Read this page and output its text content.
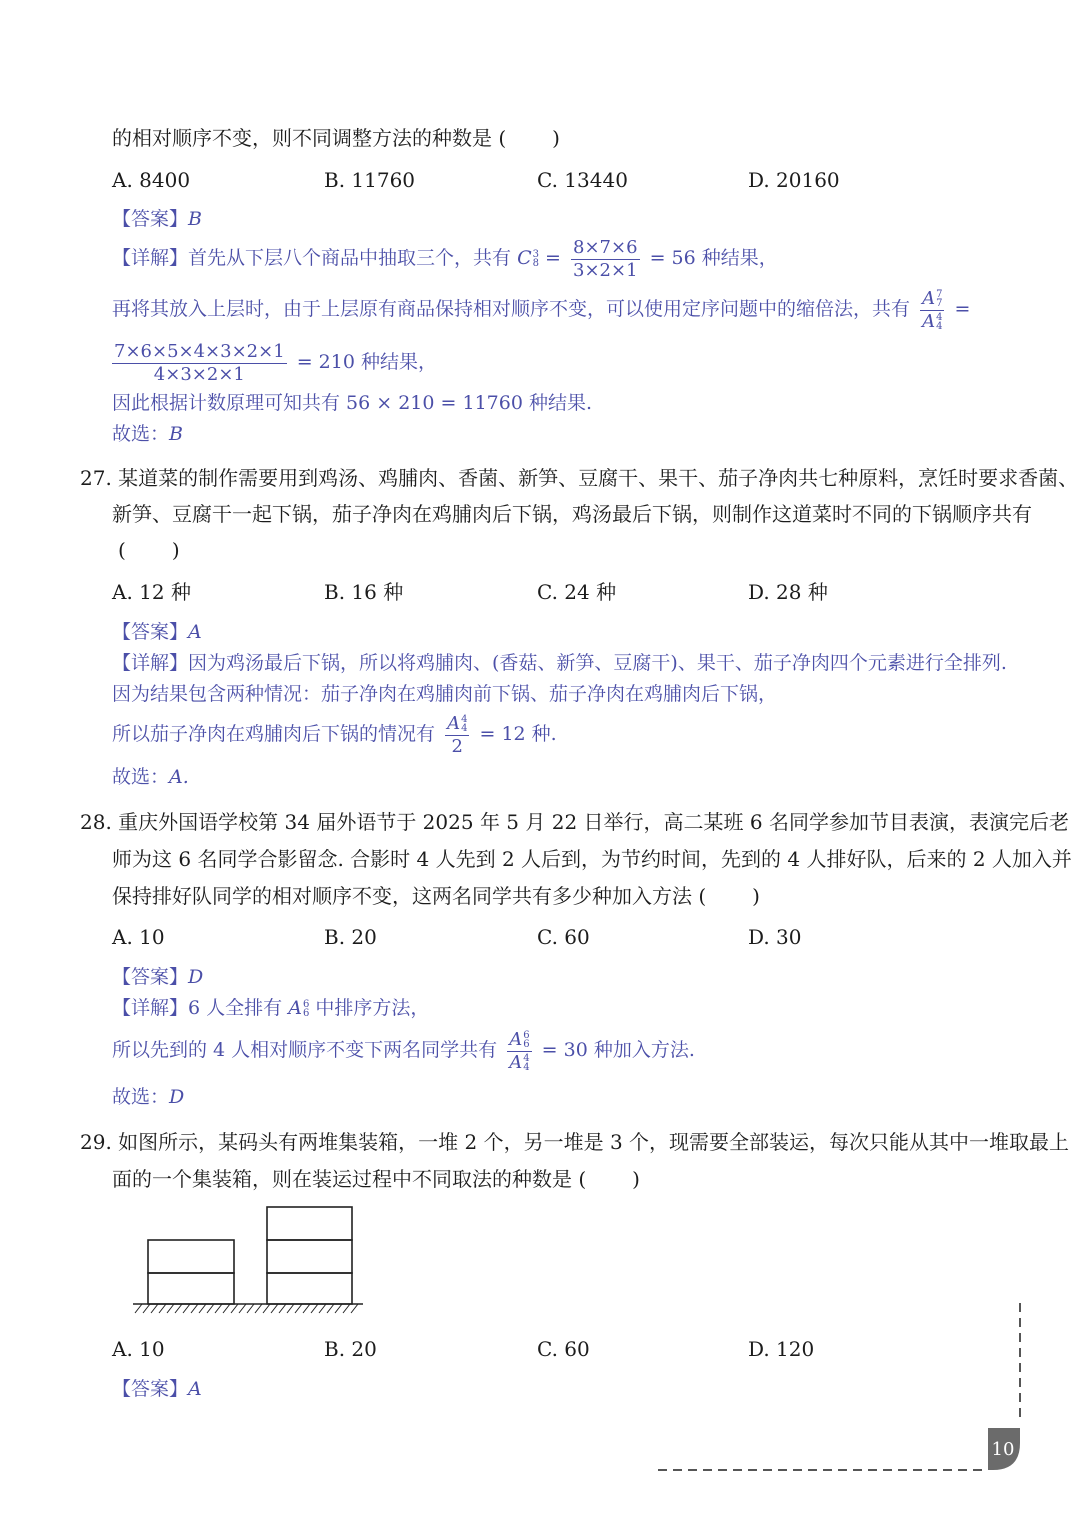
的相对顺序不变，则不同调整方法的种数是 ( )
A. 8400	B. 11760	C. 13440	D. 20160
【答案】B
【详解】首先从下层八个商品中抽取三个，共有 C 3
$8 = \frac{8\times 7\times 6}{3\times 2\times 1} = 56$ 种结果，
再将其放入上层时，由于上层原有商品保持相对顺序不变，可以使用定序问题中的缩倍法，共有 A 7
7
A 4
4 =
$\frac{7\times 6\times 5\times 4\times 3\times 2\times 1}{4\times 3\times 2\times 1} = 210$ 种结果，
因此根据计数原理可知共有 56 × 210 = 11760 种结果.
故选：B
27. 某道菜的制作需要用到鸡汤、鸡脯肉、香菌、新笋、豆腐干、果干、茄子净肉共七种原料，烹饪时要求香菌、
新笋、豆腐干一起下锅，茄子净肉在鸡脯肉后下锅，鸡汤最后下锅，则制作这道菜时不同的下锅顺序共有
( )
A. 12 种	B. 16 种	C. 24 种	D. 28 种
【答案】A
【详解】因为鸡汤最后下锅，所以将鸡脯肉、(香菇、新笋、豆腐干)、果干、茄子净肉四个元素进行全排列.
因为结果包含两种情况：茄子净肉在鸡脯肉前下锅、茄子净肉在鸡脯肉后下锅，
所以茄子净肉在鸡脯肉后下锅的情况有 A 4
4
2 = 12 种.
故选：A.
28. 重庆外国语学校第 34 届外语节于 2025 年 5 月 22 日举行，高二某班 6 名同学参加节目表演，表演完后老
师为这 6 名同学合影留念. 合影时 4 人先到 2 人后到，为节约时间，先到的 4 人排好队，后来的 2 人加入并
保持排好队同学的相对顺序不变，这两名同学共有多少种加入方法 ( )
A. 10	B. 20	C. 60	D. 30
【答案】D
【详解】6 人全排有 A 6
6 中排序方法，
所以先到的 4 人相对顺序不变下两名同学共有 A 6
6
A 4
4 = 30 种加入方法.
故选：D
29. 如图所示，某码头有两堆集装箱，一堆 2 个，另一堆是 3 个，现需要全部装运，每次只能从其中一堆取最上
面的一个集装箱，则在装运过程中不同取法的种数是 ( )
A. 10	B. 20	C. 60	D. 120
【答案】A
10
